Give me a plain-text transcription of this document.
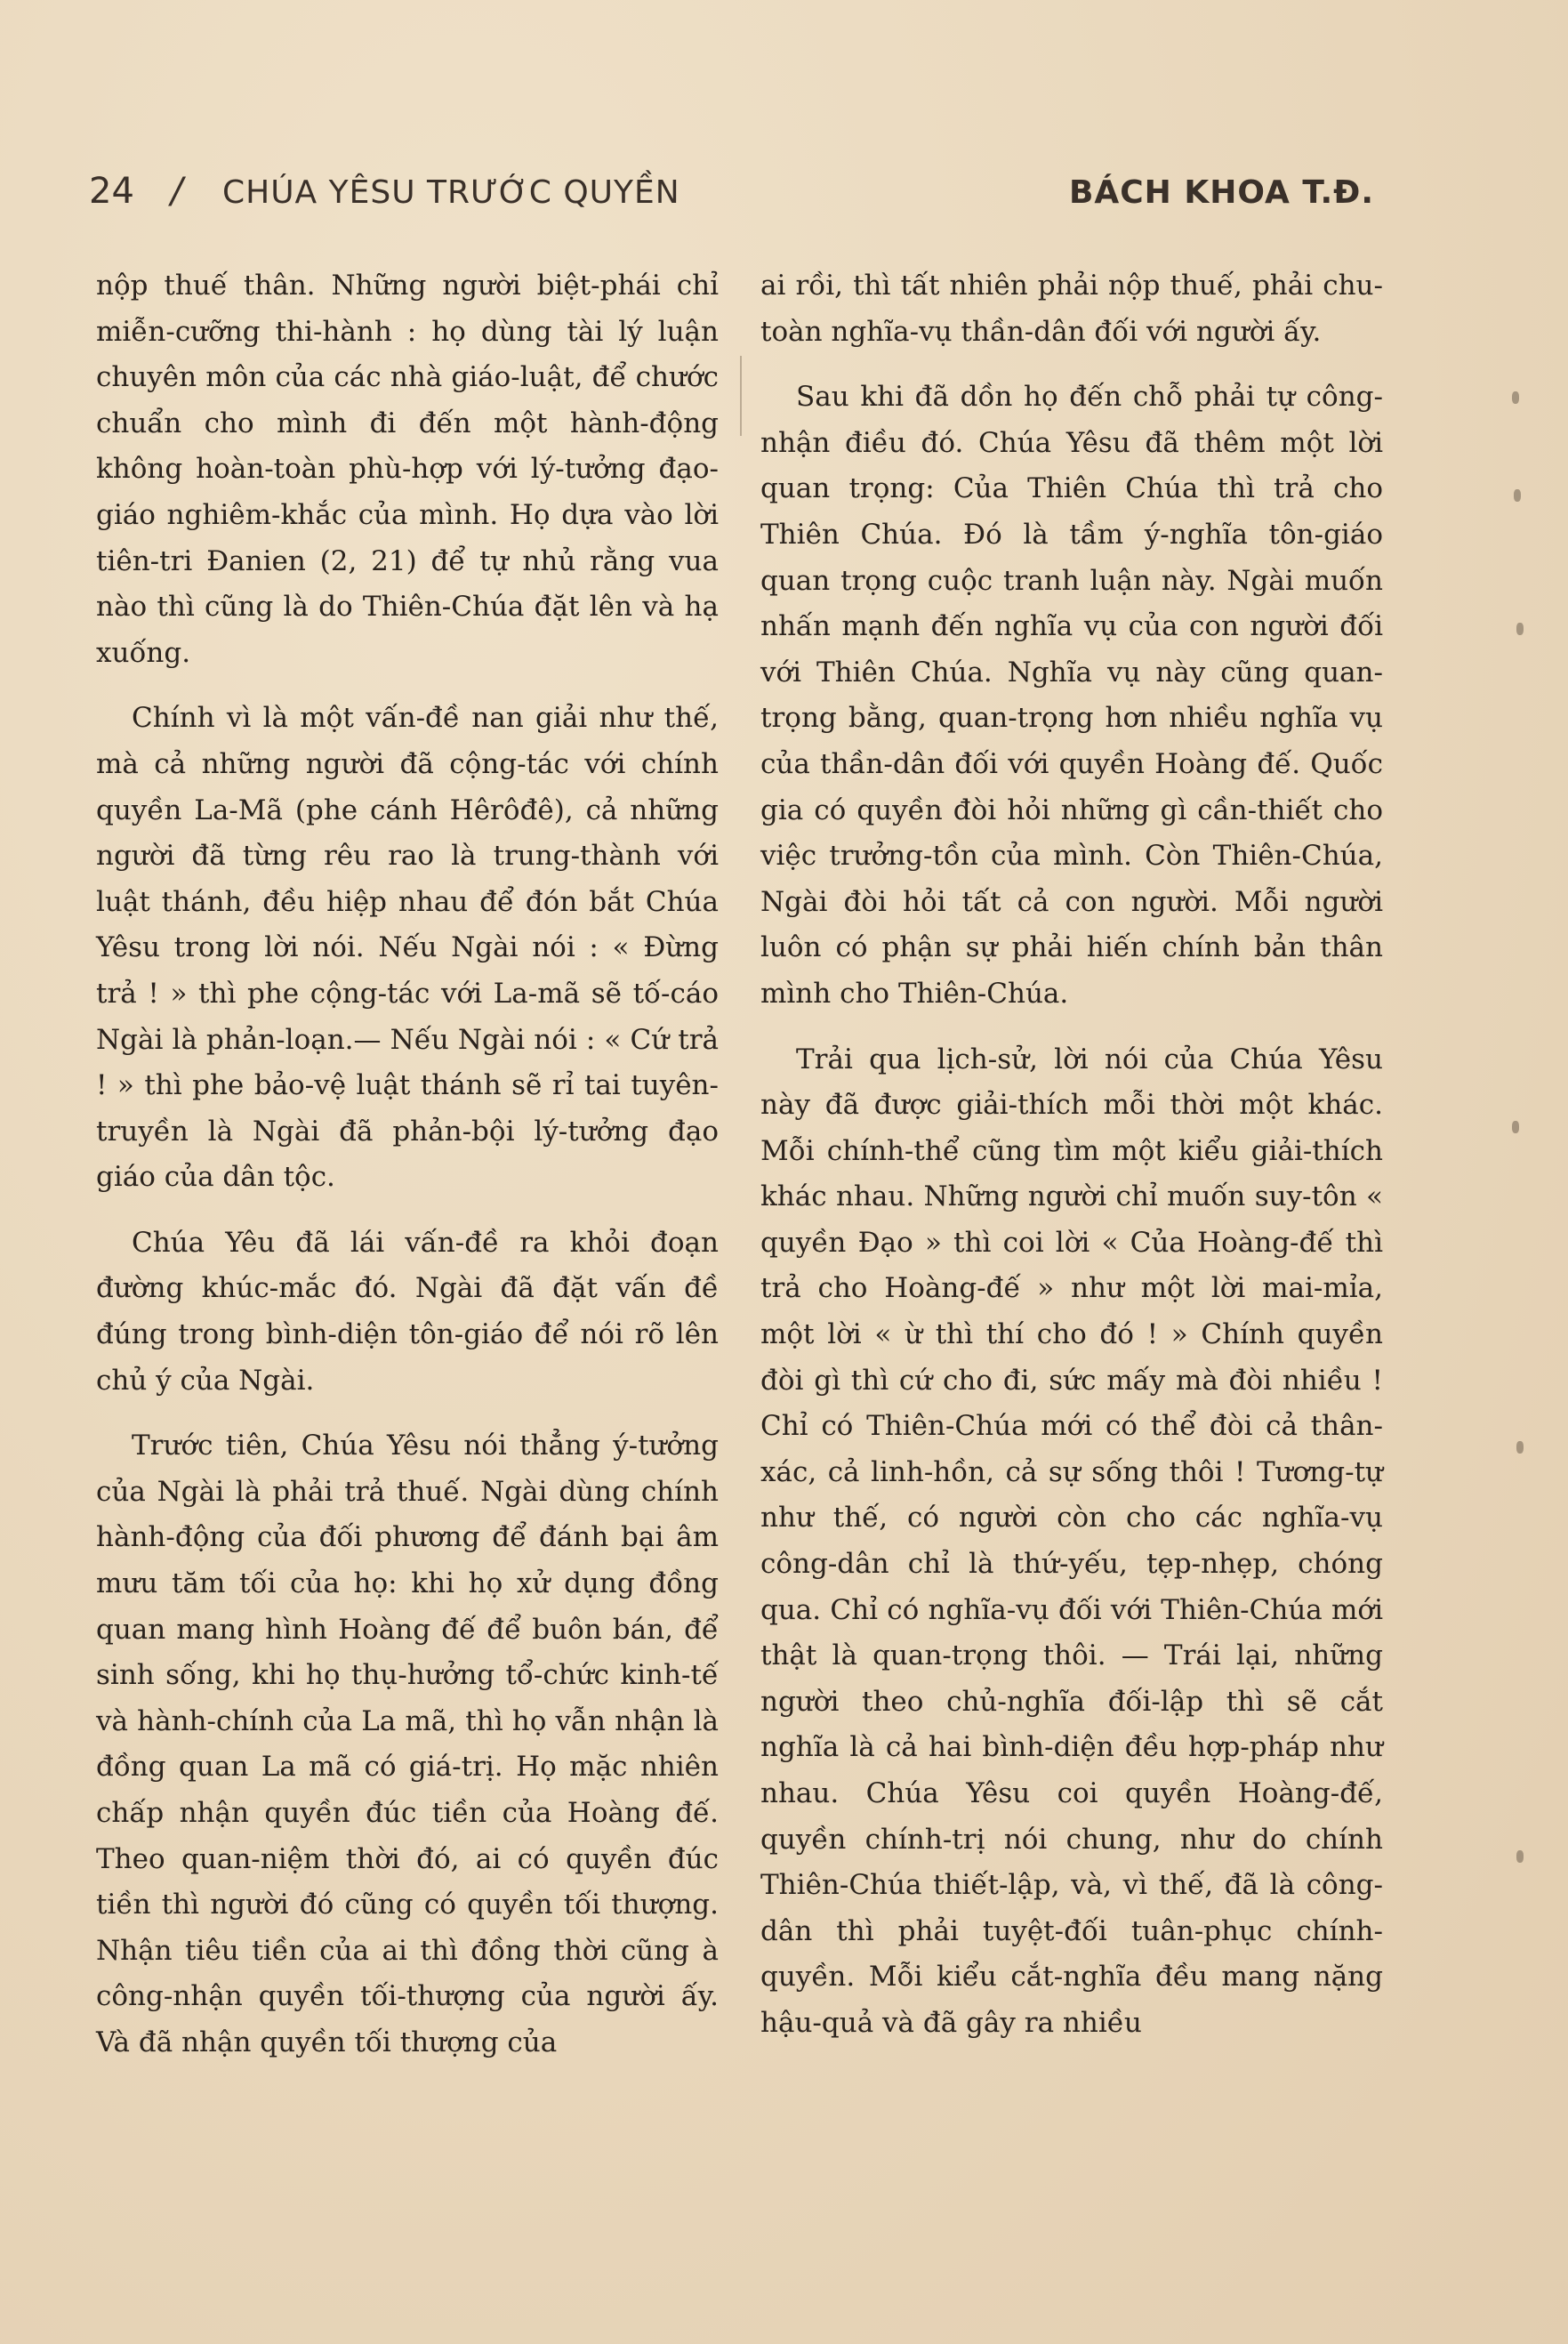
24 / CHÚA YÊSU TRƯỚC QUYỀN	BÁCH KHOA T.Đ.

nộp thuế thân. Những người biệt-phái chỉ miễn-cưỡng thi-hành : họ dùng tài lý luận chuyên môn của các nhà giáo-luật, để chước chuẩn cho mình đi đến một hành-động không hoàn-toàn phù-hợp với lý-tưởng đạo-giáo nghiêm-khắc của mình. Họ dựa vào lời tiên-tri Đanien (2, 21) để tự nhủ rằng vua nào thì cũng là do Thiên-Chúa đặt lên và hạ xuống.

Chính vì là một vấn-đề nan giải như thế, mà cả những người đã cộng-tác với chính quyền La-Mã (phe cánh Hêrôđê), cả những người đã từng rêu rao là trung-thành với luật thánh, đều hiệp nhau để đón bắt Chúa Yêsu trong lời nói. Nếu Ngài nói : « Đừng trả ! » thì phe cộng-tác với La-mã sẽ tố-cáo Ngài là phản-loạn.— Nếu Ngài nói : « Cứ trả ! » thì phe bảo-vệ luật thánh sẽ rỉ tai tuyên-truyền là Ngài đã phản-bội lý-tưởng đạo giáo của dân tộc.

Chúa Yêu đã lái vấn-đề ra khỏi đoạn đường khúc-mắc đó. Ngài đã đặt vấn đề đúng trong bình-diện tôn-giáo để nói rõ lên chủ ý của Ngài.

Trước tiên, Chúa Yêsu nói thẳng ý-tưởng của Ngài là phải trả thuế. Ngài dùng chính hành-động của đối phương để đánh bại âm mưu tăm tối của họ: khi họ xử dụng đồng quan mang hình Hoàng đế để buôn bán, để sinh sống, khi họ thụ-hưởng tổ-chức kinh-tế và hành-chính của La mã, thì họ vẫn nhận là đồng quan La mã có giá-trị. Họ mặc nhiên chấp nhận quyền đúc tiền của Hoàng đế. Theo quan-niệm thời đó, ai có quyền đúc tiền thì người đó cũng có quyền tối thượng. Nhận tiêu tiền của ai thì đồng thời cũng à công-nhận quyền tối-thượng của người ấy. Và đã nhận quyền tối thượng của

ai rồi, thì tất nhiên phải nộp thuế, phải chu-toàn nghĩa-vụ thần-dân đối với người ấy.

Sau khi đã dồn họ đến chỗ phải tự công-nhận điều đó. Chúa Yêsu đã thêm một lời quan trọng: Của Thiên Chúa thì trả cho Thiên Chúa. Đó là tầm ý-nghĩa tôn-giáo quan trọng cuộc tranh luận này. Ngài muốn nhấn mạnh đến nghĩa vụ của con người đối với Thiên Chúa. Nghĩa vụ này cũng quan-trọng bằng, quan-trọng hơn nhiều nghĩa vụ của thần-dân đối với quyền Hoàng đế. Quốc gia có quyền đòi hỏi những gì cần-thiết cho việc trưởng-tồn của mình. Còn Thiên-Chúa, Ngài đòi hỏi tất cả con người. Mỗi người luôn có phận sự phải hiến chính bản thân mình cho Thiên-Chúa.

Trải qua lịch-sử, lời nói của Chúa Yêsu này đã được giải-thích mỗi thời một khác. Mỗi chính-thể cũng tìm một kiểu giải-thích khác nhau. Những người chỉ muốn suy-tôn « quyền Đạo » thì coi lời « Của Hoàng-đế thì trả cho Hoàng-đế » như một lời mai-mỉa, một lời « ừ thì thí cho đó ! » Chính quyền đòi gì thì cứ cho đi, sức mấy mà đòi nhiều ! Chỉ có Thiên-Chúa mới có thể đòi cả thân-xác, cả linh-hồn, cả sự sống thôi ! Tương-tự như thế, có người còn cho các nghĩa-vụ công-dân chỉ là thứ-yếu, tẹp-nhẹp, chóng qua. Chỉ có nghĩa-vụ đối với Thiên-Chúa mới thật là quan-trọng thôi. — Trái lại, những người theo chủ-nghĩa đối-lập thì sẽ cắt nghĩa là cả hai bình-diện đều hợp-pháp như nhau. Chúa Yêsu coi quyền Hoàng-đế, quyền chính-trị nói chung, như do chính Thiên-Chúa thiết-lập, và, vì thế, đã là công-dân thì phải tuyệt-đối tuân-phục chính-quyền. Mỗi kiểu cắt-nghĩa đều mang nặng hậu-quả và đã gây ra nhiều
